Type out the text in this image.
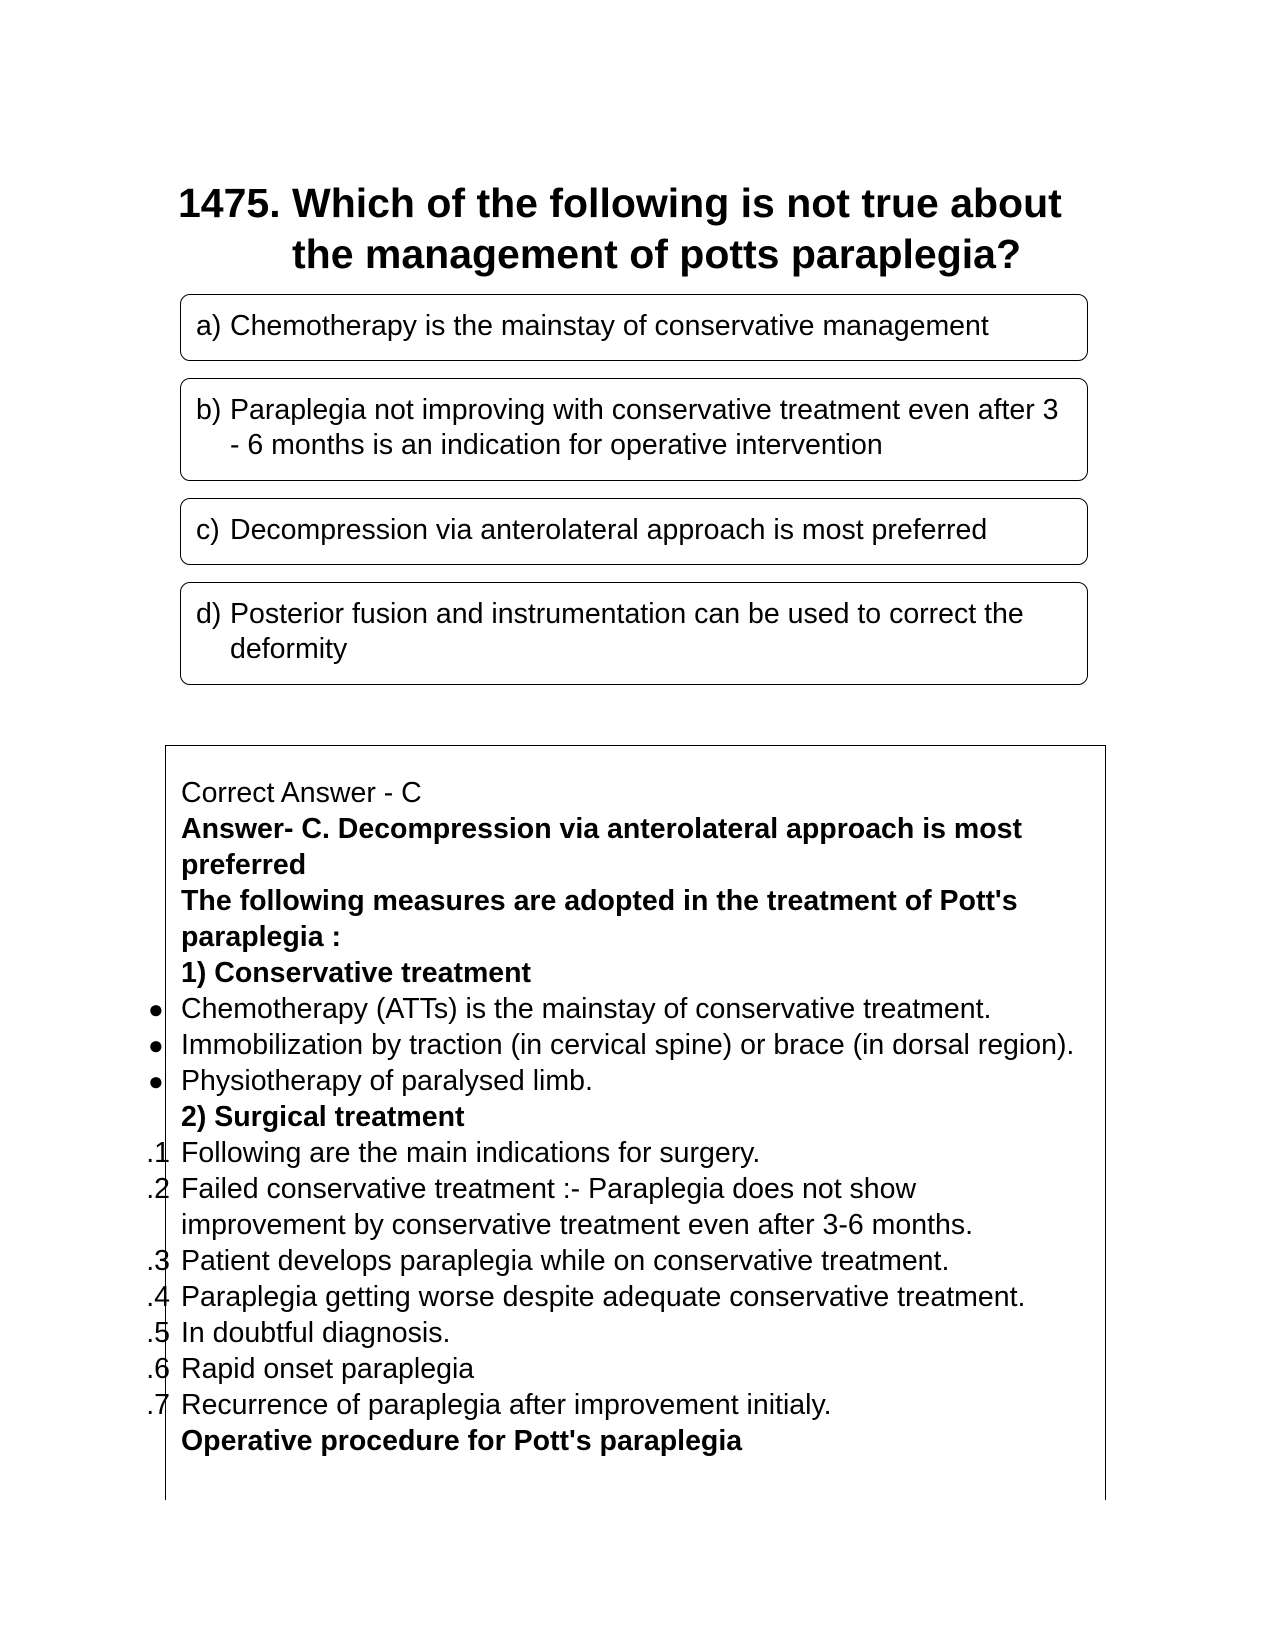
1475. Which of the following is not true about the management of potts paraplegia?
a) Chemotherapy is the mainstay of conservative management
b) Paraplegia not improving with conservative treatment even after 3 - 6 months is an indication for operative intervention
c) Decompression via anterolateral approach is most preferred
d) Posterior fusion and instrumentation can be used to correct the deformity
Correct Answer - C
Answer- C. Decompression via anterolateral approach is most preferred
The following measures are adopted in the treatment of Pott's paraplegia :
1) Conservative treatment
● Chemotherapy (ATTs) is the mainstay of conservative treatment.
● Immobilization by traction (in cervical spine) or brace (in dorsal region).
● Physiotherapy of paralysed limb.
2) Surgical treatment
1. Following are the main indications for surgery.
2. Failed conservative treatment :- Paraplegia does not show improvement by conservative treatment even after 3-6 months.
3. Patient develops paraplegia while on conservative treatment.
4. Paraplegia getting worse despite adequate conservative treatment.
5. In doubtful diagnosis.
6. Rapid onset paraplegia
7. Recurrence of paraplegia after improvement initialy.
Operative procedure for Pott's paraplegia
